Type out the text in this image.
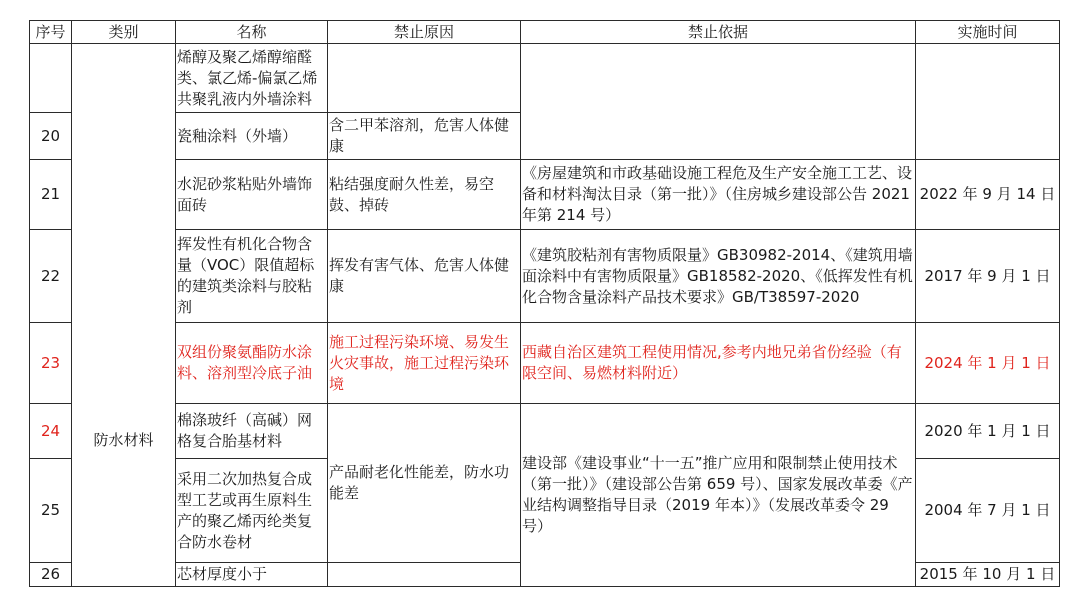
序号	类别	名称	禁止原因	禁止依据	实施时间

	防水材料	烯醇及聚乙烯醇缩醛类、氯乙烯-偏氯乙烯共聚乳液内外墙涂料			
20		瓷釉涂料（外墙）	含二甲苯溶剂，危害人体健康		
21		水泥砂浆粘贴外墙饰面砖	粘结强度耐久性差，易空鼓、掉砖	《房屋建筑和市政基础设施工程危及生产安全施工工艺、设备和材料淘汰目录（第一批）》（住房城乡建设部公告 2021 年第 214 号）	2022 年 9 月 14 日
22		挥发性有机化合物含量（VOC）限值超标的建筑类涂料与胶粘剂	挥发有害气体、危害人体健康	《建筑胶粘剂有害物质限量》GB30982-2014、《建筑用墙面涂料中有害物质限量》GB18582-2020、《低挥发性有机化合物含量涂料产品技术要求》GB/T38597-2020	2017 年 9 月 1 日
23		双组份聚氨酯防水涂料、溶剂型冷底子油	施工过程污染环境、易发生火灾事故，施工过程污染环境	西藏自治区建筑工程使用情况,参考内地兄弟省份经验（有限空间、易燃材料附近）	2024 年 1 月 1 日
24		棉涤玻纤（高碱）网格复合胎基材料	产品耐老化性能差，防水功能差	建设部《建设事业“十一五”推广应用和限制禁止使用技术（第一批）》（建设部公告第 659 号）、国家发展改革委《产业结构调整指导目录（2019 年本）》（发展改革委令 29 号）	2020 年 1 月 1 日
25		采用二次加热复合成型工艺或再生原料生产的聚乙烯丙纶类复合防水卷材			2004 年 7 月 1 日
26		芯材厚度小于			2015 年 10 月 1 日
